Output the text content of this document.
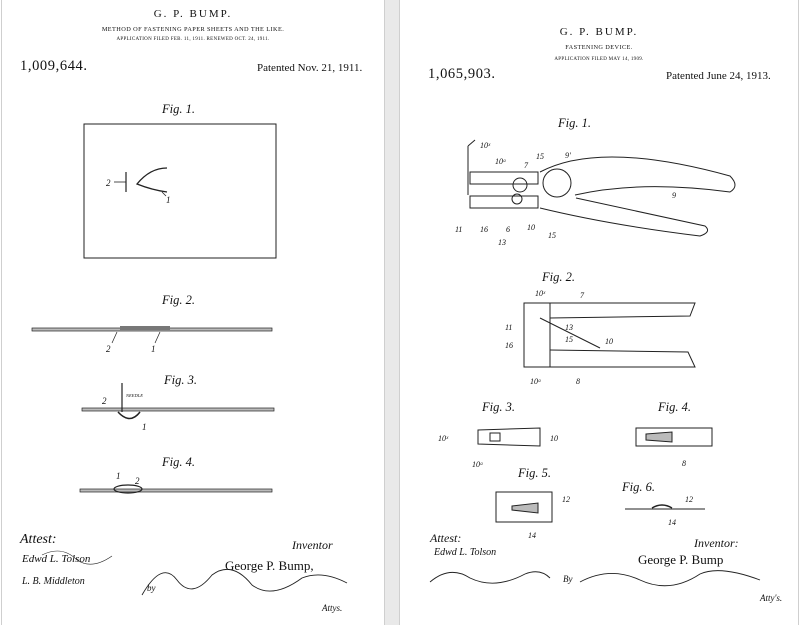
G. P. BUMP.
METHOD OF FASTENING PAPER SHEETS AND THE LIKE.
APPLICATION FILED FEB. 11, 1911. RENEWED OCT. 24, 1911.
1,009,644.	Patented Nov. 21, 1911.
Fig. 1.
Fig. 2.
Fig. 3.
Fig. 4.
2
1
2	1
NEEDLE
2
1
1 2
Attest:	Inventor
Edwd L. Tolson
L. B. Middleton
George P. Bump,
by
Attys.
G. P. BUMP.
FASTENING DEVICE.
APPLICATION FILED MAY 14, 1909.
1,065,903.	Patented June 24, 1913.
Fig. 1.
Fig. 2.
Fig. 3.	Fig. 4.
Fig. 5.
Fig. 6.
10ˣ
10ᵃ 7
15	9'
9
11 16
13
6 10
15
10ˣ	7
11	13
15	10
16
10ᵃ	8
10ˣ	10
10ᵃ	8
12
14
12
14
Attest:	Inventor:
Edwd L. Tolson	George P. Bump
By
Atty's.
